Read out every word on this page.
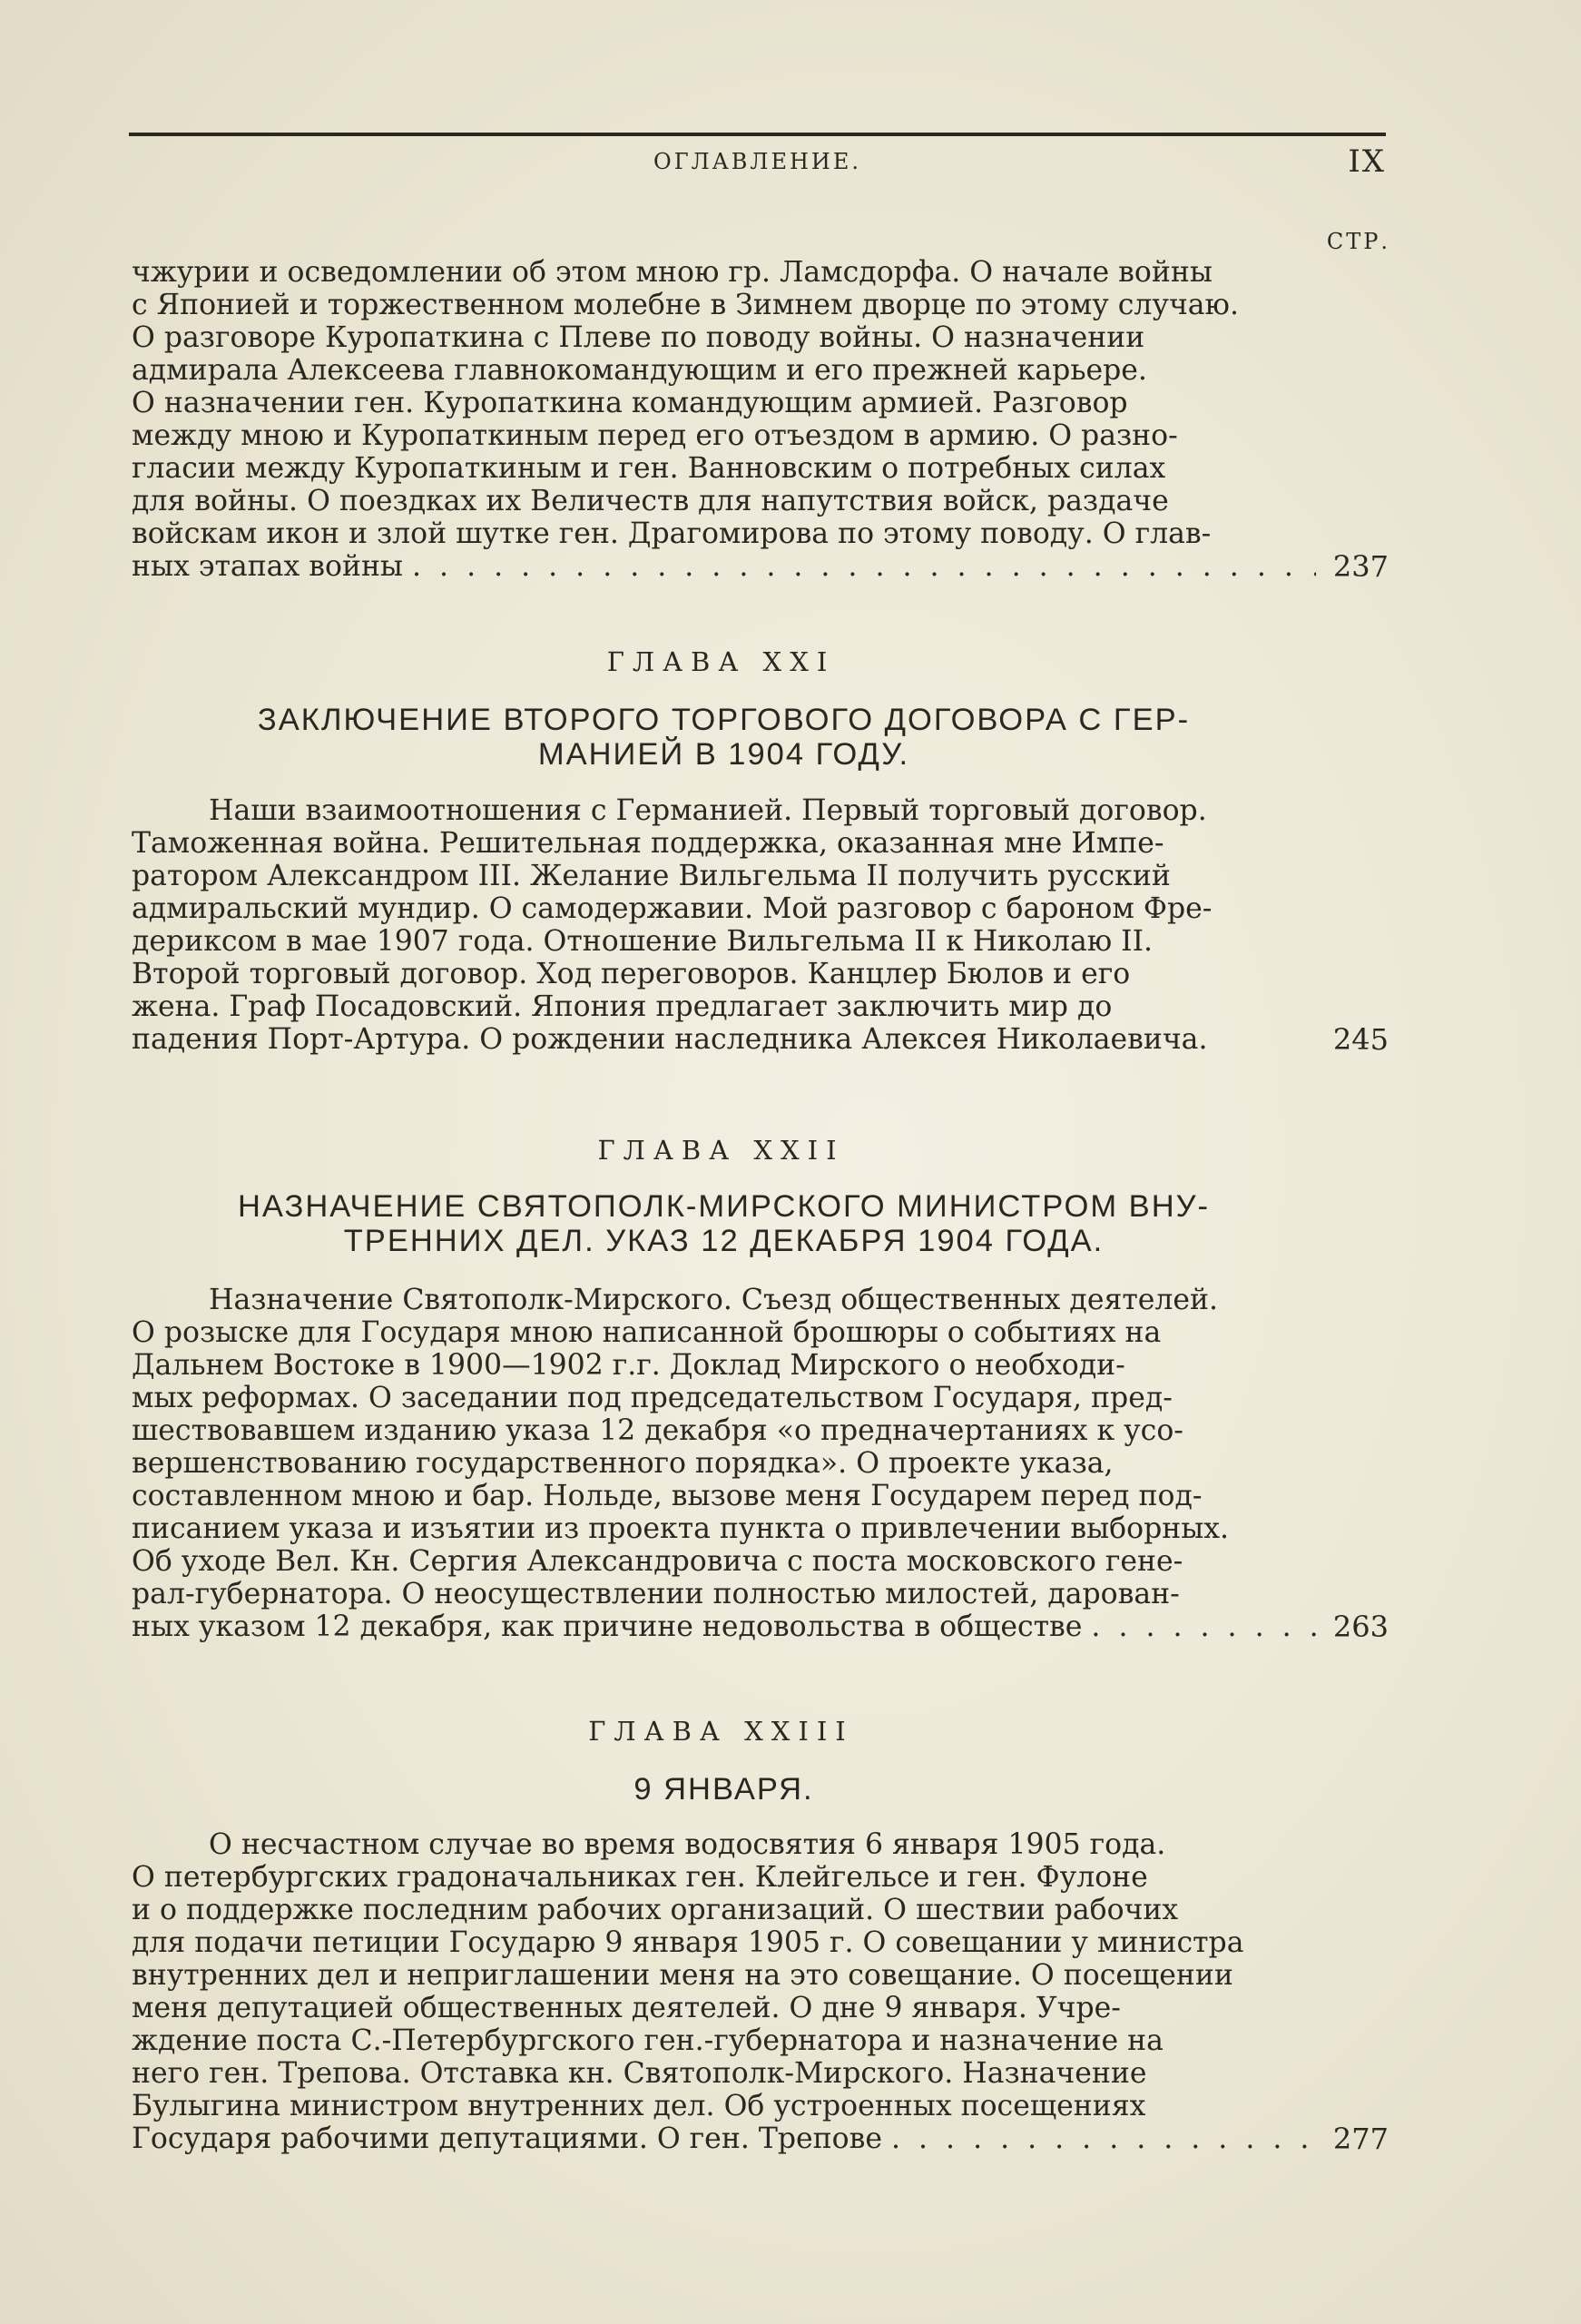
ОГЛАВЛЕНИЕ.	IX
СТР.

чжурии и осведомлении об этом мною гр. Ламсдорфа. О начале войны

с Японией и торжественном молебне в Зимнем дворце по этому случаю.

О разговоре Куропаткина с Плеве по поводу войны. О назначении

адмирала Алексеева главнокомандующим и его прежней карьере.

О назначении ген. Куропаткина командующим армией. Разговор

между мною и Куропаткиным перед его отъездом в армию. О разно-

гласии между Куропаткиным и ген. Ванновским о потребных силах

для войны. О поездках их Величеств для напутствия войск, раздаче

войскам икон и злой шутке ген. Драгомирова по этому поводу. О глав-

ных этапах войны . . .	237
ГЛАВА XXI
ЗАКЛЮЧЕНИЕ ВТОРОГО ТОРГОВОГО ДОГОВОРА С ГЕР-
МАНИЕЙ В 1904 ГОДУ.

Наши взаимоотношения с Германией. Первый торговый договор.

Таможенная война. Решительная поддержка, оказанная мне Импе-

ратором Александром III. Желание Вильгельма II получить русский

адмиральский мундир. О самодержавии. Мой разговор с бароном Фре-

дериксом в мае 1907 года. Отношение Вильгельма II к Николаю II.

Второй торговый договор. Ход переговоров. Канцлер Бюлов и его

жена. Граф Посадовский. Япония предлагает заключить мир до

падения Порт-Артура. О рождении наследника Алексея Николаевича.	245
ГЛАВА XXII
НАЗНАЧЕНИЕ СВЯТОПОЛК-МИРСКОГО МИНИСТРОМ ВНУ-
ТРЕННИХ ДЕЛ. УКАЗ 12 ДЕКАБРЯ 1904 ГОДА.

Назначение Святополк-Мирского. Съезд общественных деятелей.

О розыске для Государя мною написанной брошюры о событиях на

Дальнем Востоке в 1900—1902 г.г. Доклад Мирского о необходи-

мых реформах. О заседании под председательством Государя, пред-

шествовавшем изданию указа 12 декабря «о предначертаниях к усо-

вершенствованию государственного порядка». О проекте указа,

составленном мною и бар. Нольде, вызове меня Государем перед под-

писанием указа и изъятии из проекта пункта о привлечении выборных.

Об уходе Вел. Кн. Сергия Александровича с поста московского гене-

рал-губернатора. О неосуществлении полностью милостей, дарован-

ных указом 12 декабря, как причине недовольства в обществе . . .	263
ГЛАВА XXIII
9 ЯНВАРЯ.

О несчастном случае во время водосвятия 6 января 1905 года.

О петербургских градоначальниках ген. Клейгельсе и ген. Фулоне

и о поддержке последним рабочих организаций. О шествии рабочих

для подачи петиции Государю 9 января 1905 г. О совещании у министра

внутренних дел и неприглашении меня на это совещание. О посещении

меня депутацией общественных деятелей. О дне 9 января. Учре-

ждение поста С.-Петербургского ген.-губернатора и назначение на

него ген. Трепова. Отставка кн. Святополк-Мирского. Назначение

Булыгина министром внутренних дел. Об устроенных посещениях

Государя рабочими депутациями. О ген. Трепове . . .	277
